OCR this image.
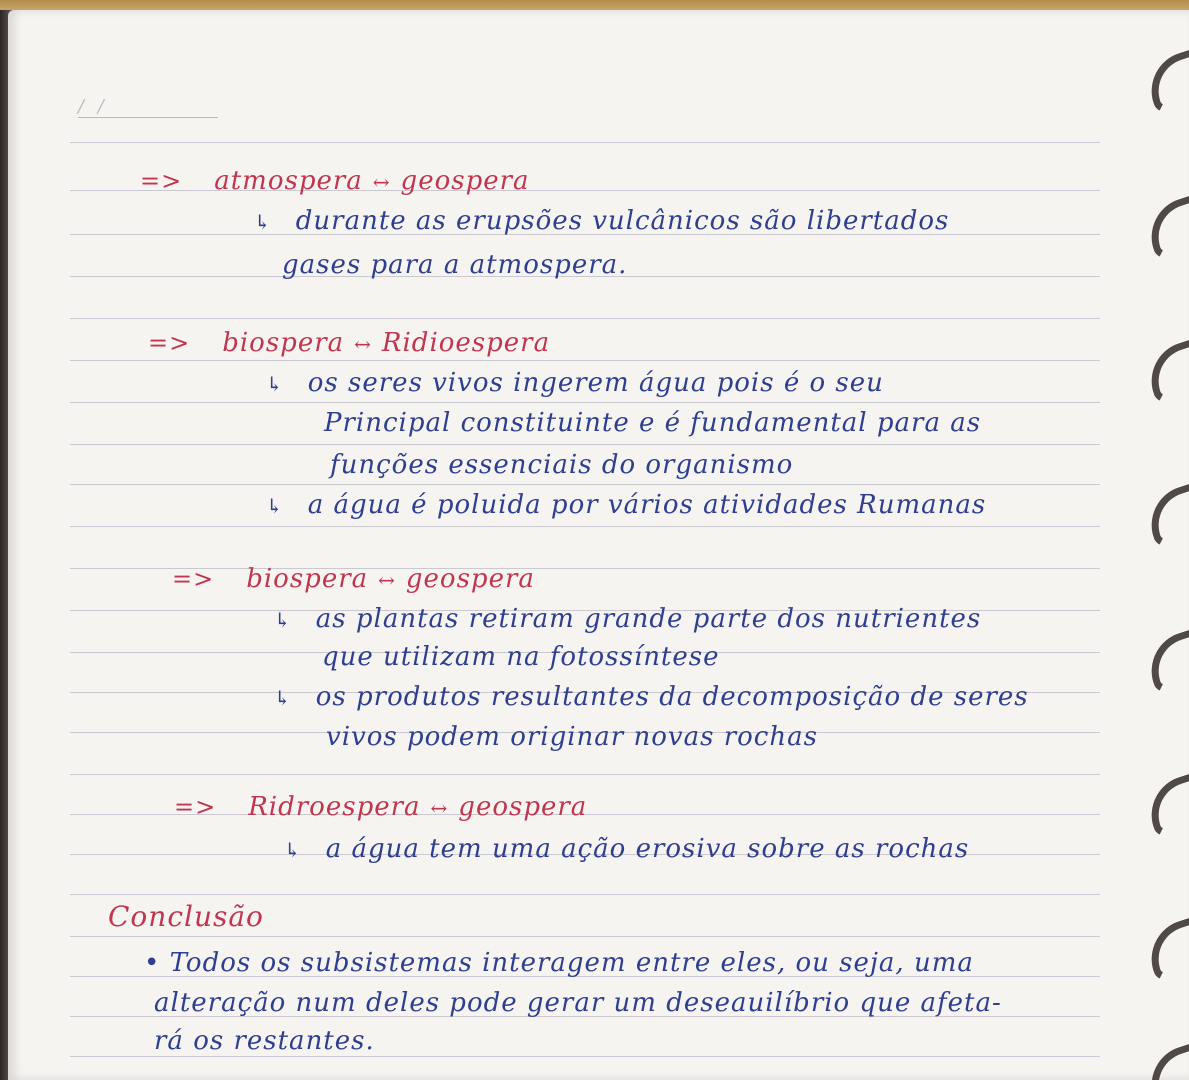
/ /
=> atmospera ↔ geospera
↳ durante as erupsões vulcânicos são libertados
gases para a atmospera.
=> biospera ↔ Ridioespera
↳ os seres vivos ingerem água pois é o seu
Principal constituinte e é fundamental para as
funções essenciais do organismo
↳ a água é poluida por vários atividades Rumanas
=> biospera ↔ geospera
↳ as plantas retiram grande parte dos nutrientes
que utilizam na fotossíntese
↳ os produtos resultantes da decomposição de seres
vivos podem originar novas rochas
=> Ridroespera ↔ geospera
↳ a água tem uma ação erosiva sobre as rochas
Conclusão
• Todos os subsistemas interagem entre eles, ou seja, uma
alteração num deles pode gerar um deseauilíbrio que afeta-
rá os restantes.
